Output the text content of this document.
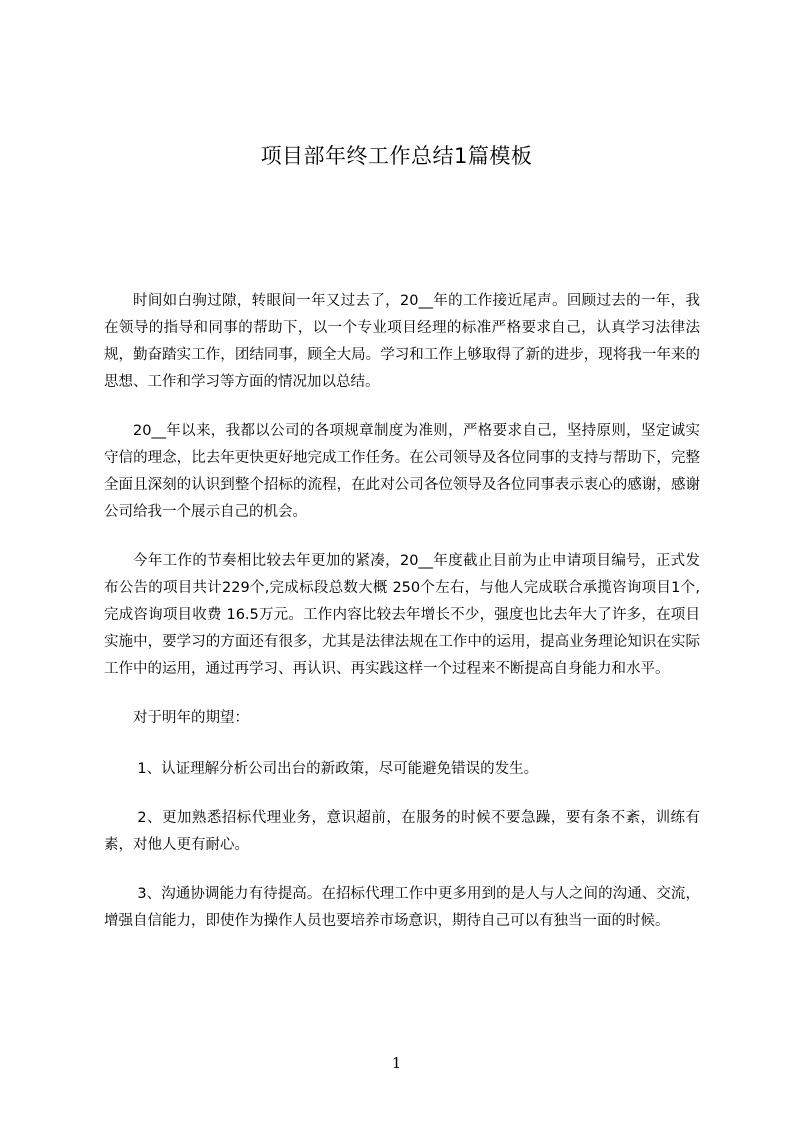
项目部年终工作总结1篇模板

时间如白驹过隙，转眼间一年又过去了，20__年的工作接近尾声。回顾过去的一年，我在领导的指导和同事的帮助下，以一个专业项目经理的标准严格要求自己，认真学习法律法规，勤奋踏实工作，团结同事，顾全大局。学习和工作上够取得了新的进步，现将我一年来的思想、工作和学习等方面的情况加以总结。

20__年以来，我都以公司的各项规章制度为准则，严格要求自己，坚持原则，坚定诚实守信的理念，比去年更快更好地完成工作任务。在公司领导及各位同事的支持与帮助下，完整全面且深刻的认识到整个招标的流程，在此对公司各位领导及各位同事表示衷心的感谢，感谢公司给我一个展示自己的机会。

今年工作的节奏相比较去年更加的紧凑，20__年度截止目前为止申请项目编号，正式发布公告的项目共计229个,完成标段总数大概 250个左右，与他人完成联合承揽咨询项目1个,完成咨询项目收费 16.5万元。工作内容比较去年增长不少，强度也比去年大了许多，在项目实施中，要学习的方面还有很多，尤其是法律法规在工作中的运用，提高业务理论知识在实际工作中的运用，通过再学习、再认识、再实践这样一个过程来不断提高自身能力和水平。

对于明年的期望：

1、认证理解分析公司出台的新政策，尽可能避免错误的发生。

2、更加熟悉招标代理业务，意识超前，在服务的时候不要急躁，要有条不紊，训练有素，对他人更有耐心。

3、沟通协调能力有待提高。在招标代理工作中更多用到的是人与人之间的沟通、交流，增强自信能力，即使作为操作人员也要培养市场意识，期待自己可以有独当一面的时候。

1
